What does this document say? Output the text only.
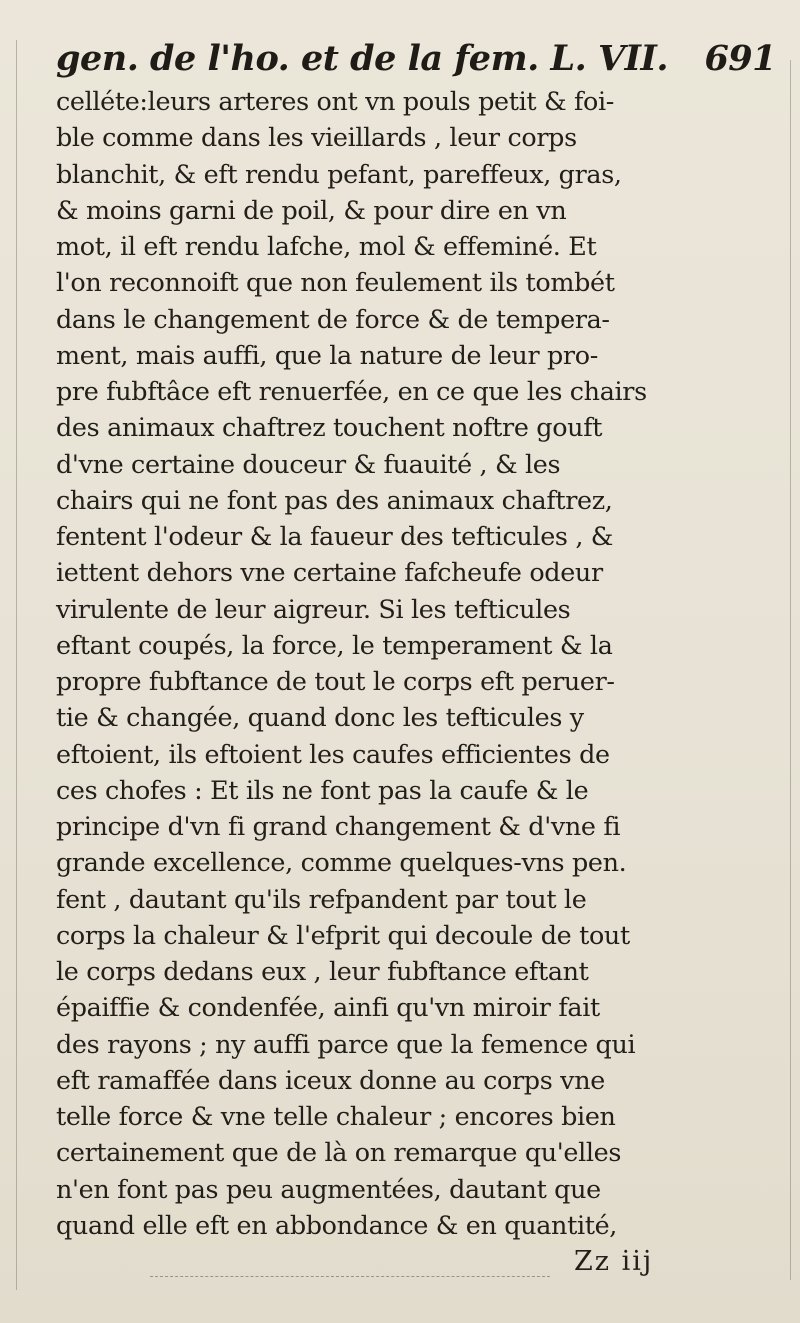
gen. de l'ho. et de la fem. L. VII. 691
celléte:leurs arteres ont vn pouls petit & foi-
ble comme dans les vieillards , leur corps
blanchit, & eft rendu pefant, pareffeux, gras,
& moins garni de poil, & pour dire en vn
mot, il eft rendu lafche, mol & effeminé. Et
l'on reconnoift que non feulement ils tombét
dans le changement de force & de tempera-
ment, mais auffi, que la nature de leur pro-
pre fubftâce eft renuerfée, en ce que les chairs
des animaux chaftrez touchent noftre gouft
d'vne certaine douceur & fuauité , & les
chairs qui ne font pas des animaux chaftrez,
fentent l'odeur & la faueur des tefticules , &
iettent dehors vne certaine fafcheufe odeur
virulente de leur aigreur. Si les tefticules
eftant coupés, la force, le temperament & la
propre fubftance de tout le corps eft peruer-
tie & changée, quand donc les tefticules y
eftoient, ils eftoient les caufes efficientes de
ces chofes : Et ils ne font pas la caufe & le
principe d'vn fi grand changement & d'vne fi
grande excellence, comme quelques-vns pen.
fent , dautant qu'ils refpandent par tout le
corps la chaleur & l'efprit qui decoule de tout
le corps dedans eux , leur fubftance eftant
épaiffie & condenfée, ainfi qu'vn miroir fait
des rayons ; ny auffi parce que la femence qui
eft ramaffée dans iceux donne au corps vne
telle force & vne telle chaleur ; encores bien
certainement que de là on remarque qu'elles
n'en font pas peu augmentées, dautant que
quand elle eft en abbondance & en quantité,
Zz iij
